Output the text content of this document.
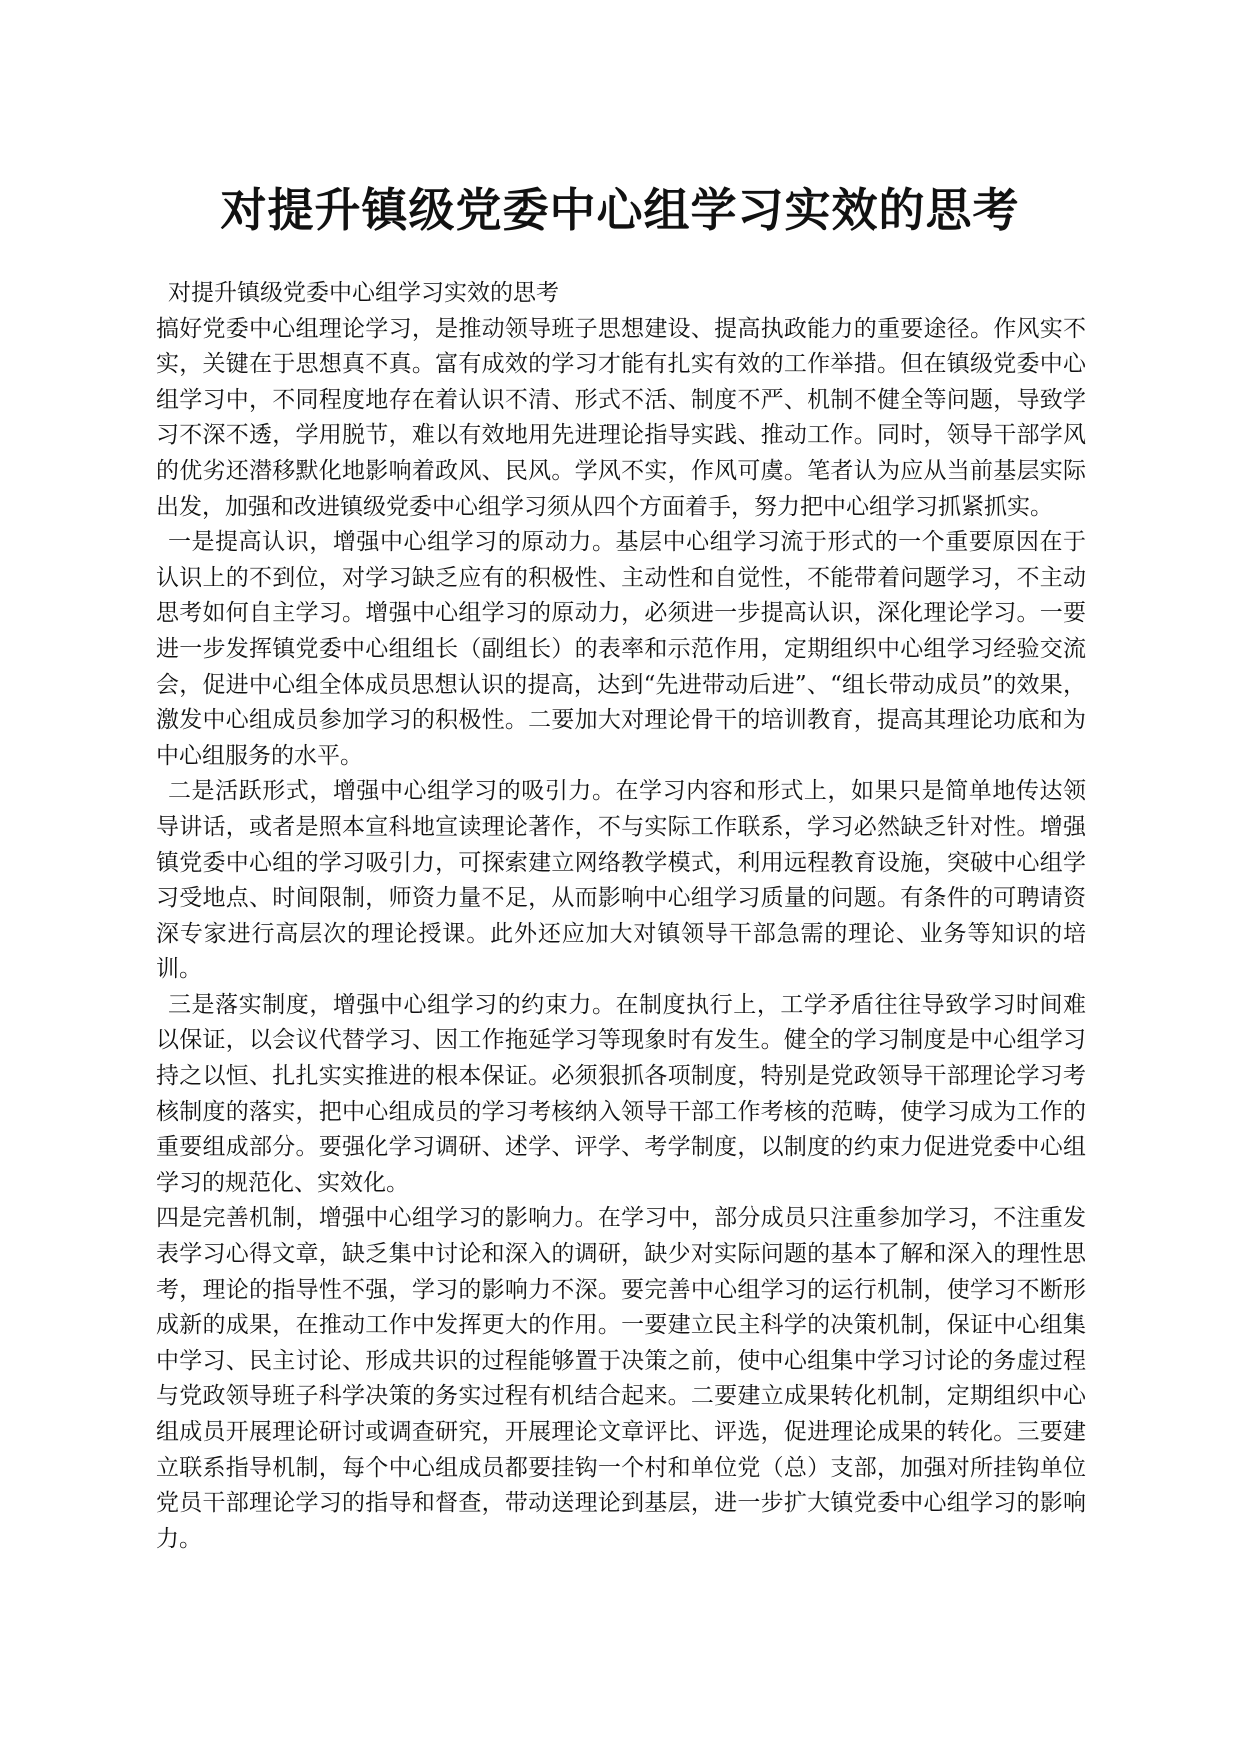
对提升镇级党委中心组学习实效的思考

对提升镇级党委中心组学习实效的思考

搞好党委中心组理论学习，是推动领导班子思想建设、提高执政能力的重要途径。作风实不实，关键在于思想真不真。富有成效的学习才能有扎实有效的工作举措。但在镇级党委中心组学习中，不同程度地存在着认识不清、形式不活、制度不严、机制不健全等问题，导致学习不深不透，学用脱节，难以有效地用先进理论指导实践、推动工作。同时，领导干部学风的优劣还潜移默化地影响着政风、民风。学风不实，作风可虞。笔者认为应从当前基层实际出发，加强和改进镇级党委中心组学习须从四个方面着手，努力把中心组学习抓紧抓实。

一是提高认识，增强中心组学习的原动力。基层中心组学习流于形式的一个重要原因在于认识上的不到位，对学习缺乏应有的积极性、主动性和自觉性，不能带着问题学习，不主动思考如何自主学习。增强中心组学习的原动力，必须进一步提高认识，深化理论学习。一要进一步发挥镇党委中心组组长（副组长）的表率和示范作用，定期组织中心组学习经验交流会，促进中心组全体成员思想认识的提高，达到“先进带动后进”、“组长带动成员”的效果，激发中心组成员参加学习的积极性。二要加大对理论骨干的培训教育，提高其理论功底和为中心组服务的水平。

二是活跃形式，增强中心组学习的吸引力。在学习内容和形式上，如果只是简单地传达领导讲话，或者是照本宣科地宣读理论著作，不与实际工作联系，学习必然缺乏针对性。增强镇党委中心组的学习吸引力，可探索建立网络教学模式，利用远程教育设施，突破中心组学习受地点、时间限制，师资力量不足，从而影响中心组学习质量的问题。有条件的可聘请资深专家进行高层次的理论授课。此外还应加大对镇领导干部急需的理论、业务等知识的培训。

三是落实制度，增强中心组学习的约束力。在制度执行上，工学矛盾往往导致学习时间难以保证，以会议代替学习、因工作拖延学习等现象时有发生。健全的学习制度是中心组学习持之以恒、扎扎实实推进的根本保证。必须狠抓各项制度，特别是党政领导干部理论学习考核制度的落实，把中心组成员的学习考核纳入领导干部工作考核的范畴，使学习成为工作的重要组成部分。要强化学习调研、述学、评学、考学制度，以制度的约束力促进党委中心组学习的规范化、实效化。

四是完善机制，增强中心组学习的影响力。在学习中，部分成员只注重参加学习，不注重发表学习心得文章，缺乏集中讨论和深入的调研，缺少对实际问题的基本了解和深入的理性思考，理论的指导性不强，学习的影响力不深。要完善中心组学习的运行机制，使学习不断形成新的成果，在推动工作中发挥更大的作用。一要建立民主科学的决策机制，保证中心组集中学习、民主讨论、形成共识的过程能够置于决策之前，使中心组集中学习讨论的务虚过程与党政领导班子科学决策的务实过程有机结合起来。二要建立成果转化机制，定期组织中心组成员开展理论研讨或调查研究，开展理论文章评比、评选，促进理论成果的转化。三要建立联系指导机制，每个中心组成员都要挂钩一个村和单位党（总）支部，加强对所挂钩单位党员干部理论学习的指导和督查，带动送理论到基层，进一步扩大镇党委中心组学习的影响力。
